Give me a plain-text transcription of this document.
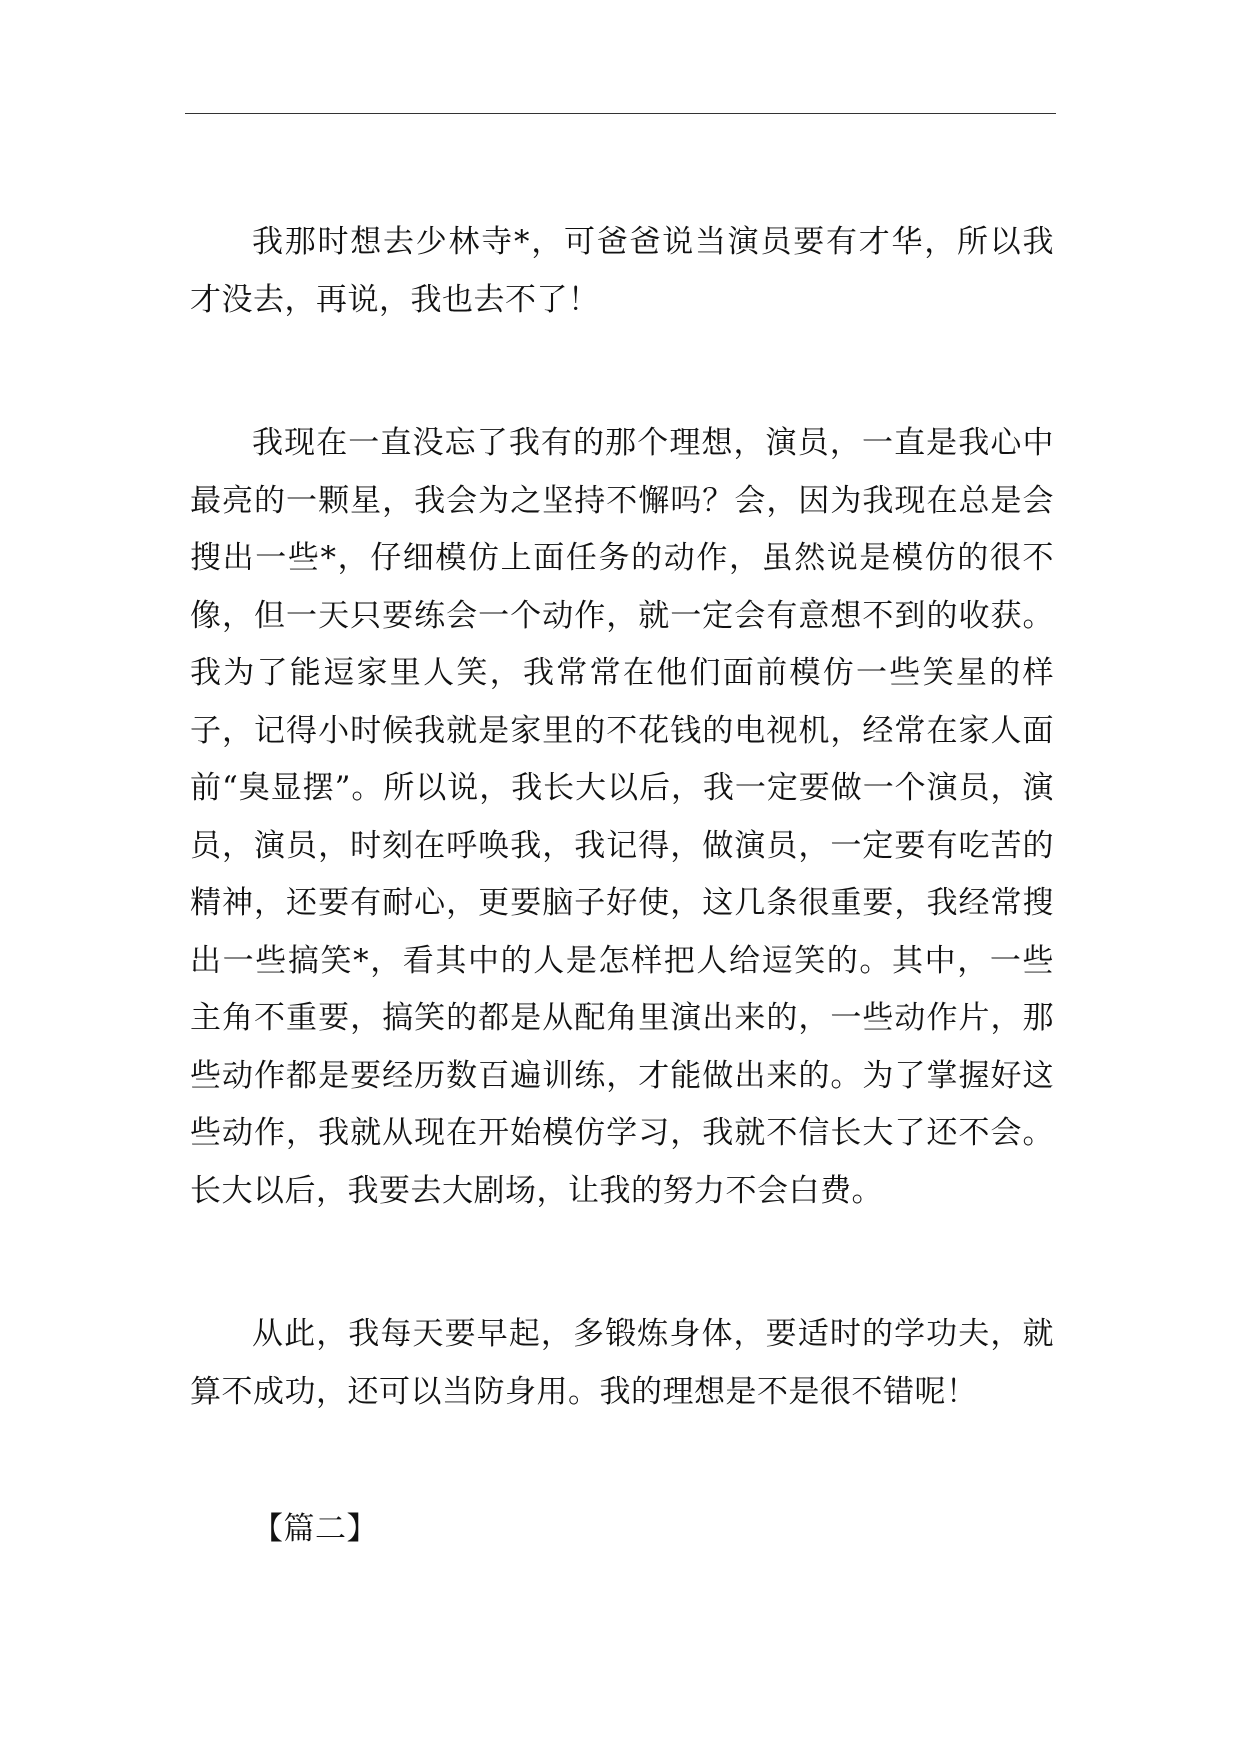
我那时想去少林寺*，可爸爸说当演员要有才华，所以我才没去，再说，我也去不了！

我现在一直没忘了我有的那个理想，演员，一直是我心中最亮的一颗星，我会为之坚持不懈吗？会，因为我现在总是会搜出一些*，仔细模仿上面任务的动作，虽然说是模仿的很不像，但一天只要练会一个动作，就一定会有意想不到的收获。我为了能逗家里人笑，我常常在他们面前模仿一些笑星的样子，记得小时候我就是家里的不花钱的电视机，经常在家人面前“臭显摆”。所以说，我长大以后，我一定要做一个演员，演员，演员，时刻在呼唤我，我记得，做演员，一定要有吃苦的精神，还要有耐心，更要脑子好使，这几条很重要，我经常搜出一些搞笑*，看其中的人是怎样把人给逗笑的。其中，一些主角不重要，搞笑的都是从配角里演出来的，一些动作片，那些动作都是要经历数百遍训练，才能做出来的。为了掌握好这些动作，我就从现在开始模仿学习，我就不信长大了还不会。长大以后，我要去大剧场，让我的努力不会白费。

从此，我每天要早起，多锻炼身体，要适时的学功夫，就算不成功，还可以当防身用。我的理想是不是很不错呢！

【篇二】
